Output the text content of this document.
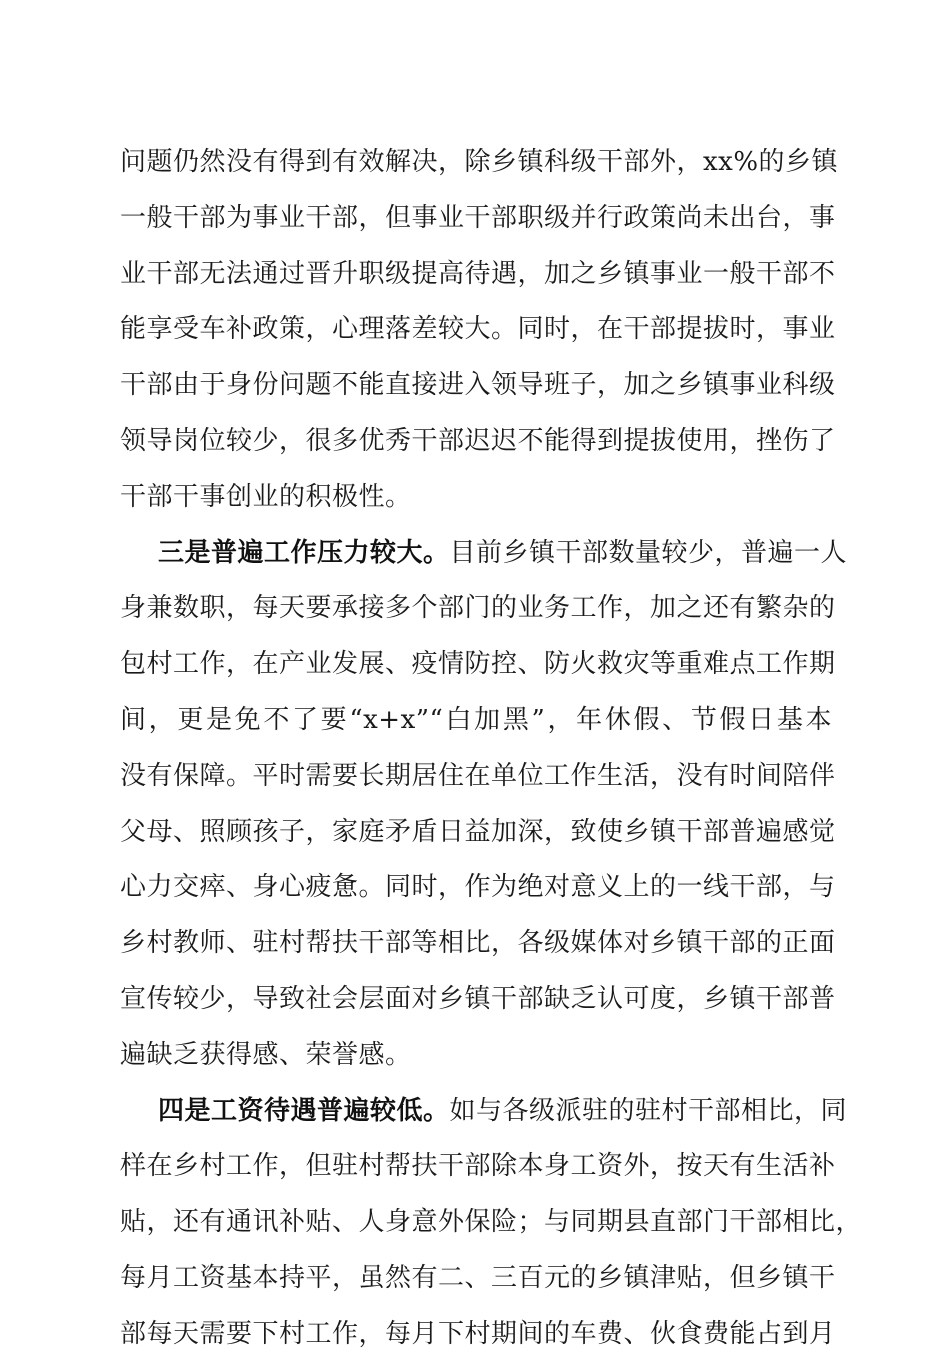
问题仍然没有得到有效解决，除乡镇科级干部外，xx%的乡镇
一般干部为事业干部，但事业干部职级并行政策尚未出台，事
业干部无法通过晋升职级提高待遇，加之乡镇事业一般干部不
能享受车补政策，心理落差较大。同时，在干部提拔时，事业
干部由于身份问题不能直接进入领导班子，加之乡镇事业科级
领导岗位较少，很多优秀干部迟迟不能得到提拔使用，挫伤了
干部干事创业的积极性。
三是普遍工作压力较大。目前乡镇干部数量较少，普遍一人
身兼数职，每天要承接多个部门的业务工作，加之还有繁杂的
包村工作，在产业发展、疫情防控、防火救灾等重难点工作期
间，更是免不了要“x+x”“白加黑”，年休假、节假日基本
没有保障。平时需要长期居住在单位工作生活，没有时间陪伴
父母、照顾孩子，家庭矛盾日益加深，致使乡镇干部普遍感觉
心力交瘁、身心疲惫。同时，作为绝对意义上的一线干部，与
乡村教师、驻村帮扶干部等相比，各级媒体对乡镇干部的正面
宣传较少，导致社会层面对乡镇干部缺乏认可度，乡镇干部普
遍缺乏获得感、荣誉感。
四是工资待遇普遍较低。如与各级派驻的驻村干部相比，同
样在乡村工作，但驻村帮扶干部除本身工资外，按天有生活补
贴，还有通讯补贴、人身意外保险；与同期县直部门干部相比，
每月工资基本持平，虽然有二、三百元的乡镇津贴，但乡镇干
部每天需要下村工作，每月下村期间的车费、伙食费能占到月
